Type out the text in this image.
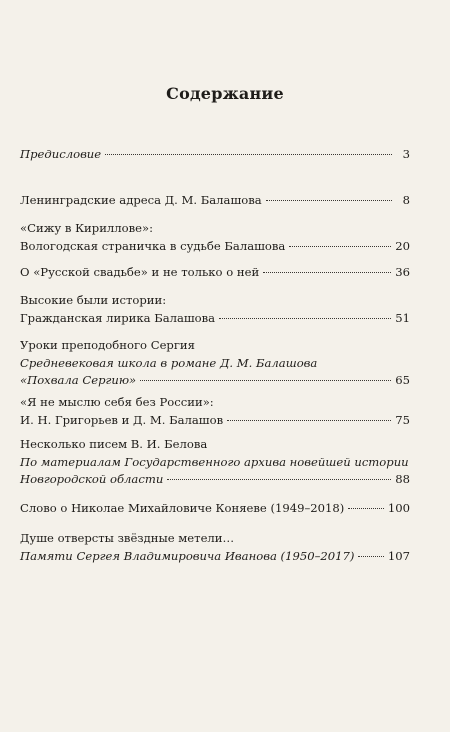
Содержание
Предисловие	3
Ленинградские адреса Д. М. Балашова	8
«Сижу в Кириллове»:
Вологодская страничка в судьбе Балашова	20
О «Русской свадьбе» и не только о ней	36
Высокие были истории:
Гражданская лирика Балашова	51
Уроки преподобного Сергия
Средневековая школа в романе Д. М. Балашова
«Похвала Сергию»	65
«Я не мыслю себя без России»:
И. Н. Григорьев и Д. М. Балашов	75
Несколько писем В. И. Белова
По материалам Государственного архива новейшей истории
Новгородской области	88
Слово о Николае Михайловиче Коняеве (1949–2018)	100
Душе отверсты звёздные метели…
Памяти Сергея Владимировича Иванова (1950–2017)	107
